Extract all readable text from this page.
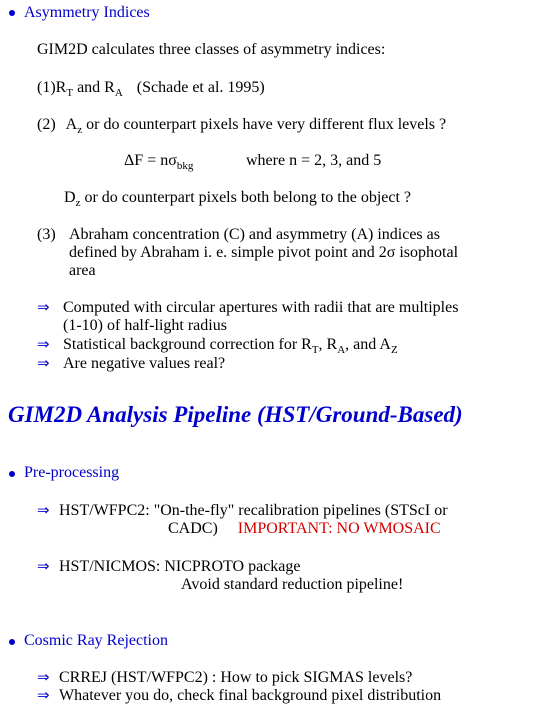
Asymmetry Indices
GIM2D calculates three classes of asymmetry indices:
$(1)R_T$ and $R_A$ (Schade et al. 1995)
(2) $A_z$ or do counterpart pixels have very different flux levels ?
$\Delta F = n\sigma_{bkg}$	where n = 2, 3, and 5
$D_z$ or do counterpart pixels both belong to the object ?
(3) Abraham concentration (C) and asymmetry (A) indices as
defined by Abraham i. e. simple pivot point and 2σ isophotal
area
⇒ Computed with circular apertures with radii that are multiples
(1-10) of half-light radius
⇒ Statistical background correction for $R_T$, $R_A$, and $A_Z$
⇒ Are negative values real?
GIM2D Analysis Pipeline (HST/Ground-Based)
Pre-processing
⇒ HST/WFPC2: "On-the-fly" recalibration pipelines (STScI or
CADC) IMPORTANT: NO WMOSAIC
⇒ HST/NICMOS: NICPROTO package
Avoid standard reduction pipeline!
Cosmic Ray Rejection
⇒ CRREJ (HST/WFPC2) : How to pick SIGMAS levels?
⇒ Whatever you do, check final background pixel distribution
